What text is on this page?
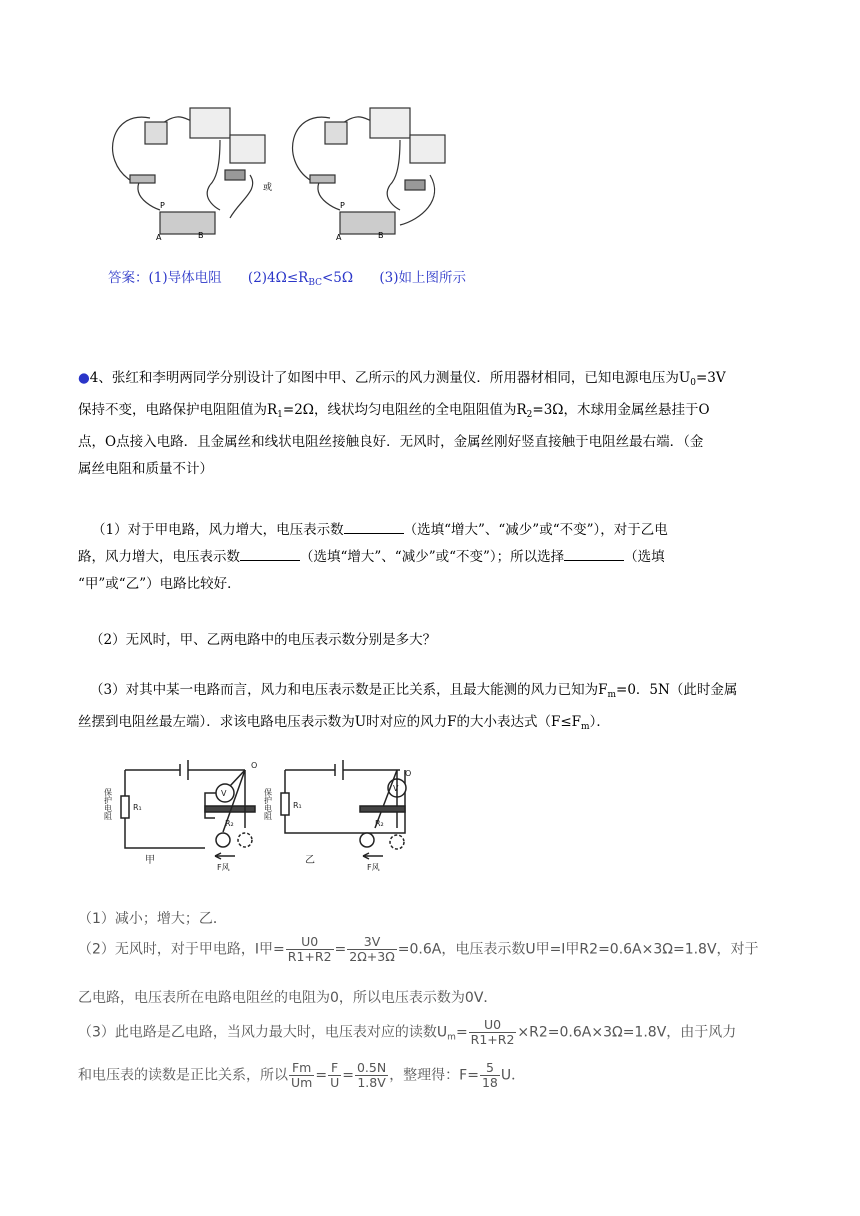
或
P
A	B
P
A	B
答案：(1)导体电阻 $(2)4\Omega\le R_{BC}<5\Omega$ (3)如上图所示
●4、张红和李明两同学分别设计了如图中甲、乙所示的风力测量仪．所用器材相同，已知电源电压为$U_0=3V$
保持不变，电路保护电阻阻值为$R_1=2\Omega$，线状均匀电阻丝的全电阻阻值为$R_2=3\Omega$，木球用金属丝悬挂于O
点，O点接入电路．且金属丝和线状电阻丝接触良好．无风时，金属丝刚好竖直接触于电阻丝最右端．（金
属丝电阻和质量不计）
（1）对于甲电路，风力增大，电压表示数	（选填“增大”、“减少”或“不变”），对于乙电
路，风力增大，电压表示数	（选填“增大”、“减少”或“不变”）；所以选择	（选填
“甲”或“乙”）电路比较好．
（2）无风时，甲、乙两电路中的电压表示数分别是多大？
（3）对其中某一电路而言，风力和电压表示数是正比关系，且最大能测的风力已知为$F_m=0$．5N（此时金属
丝摆到电阻丝最左端）．求该电路电压表示数为U时对应的风力F的大小表达式$(F\le F_m)$．
保护电阻	保护电阻
R₁	R₁
R₂	R₂
O
O
V
V
F风	F风
甲	乙
（1）减小；增大；乙．
（2）无风时，对于甲电路，I甲= $\frac{U0}{R1+R2} = \frac{3V}{2\Omega+3\Omega} =0.6A$，电压表示数U甲=I甲R2=0.6A×3Ω=1.8V，对于
乙电路，电压表所在电路电阻丝的电阻为0，所以电压表示数为0V．
（3）此电路是乙电路，当风力最大时，电压表对应的读数$U_m= \frac{U0}{R1+R2} \times R2=0.6A\times 3\Omega=1.8V$，由于风力
和电压表的读数是正比关系，所以 $\frac{Fm}{Um} = \frac{F}{U} = \frac{0.5N}{1.8V}$ ，整理得：$F= \frac{5}{18}$ U．
